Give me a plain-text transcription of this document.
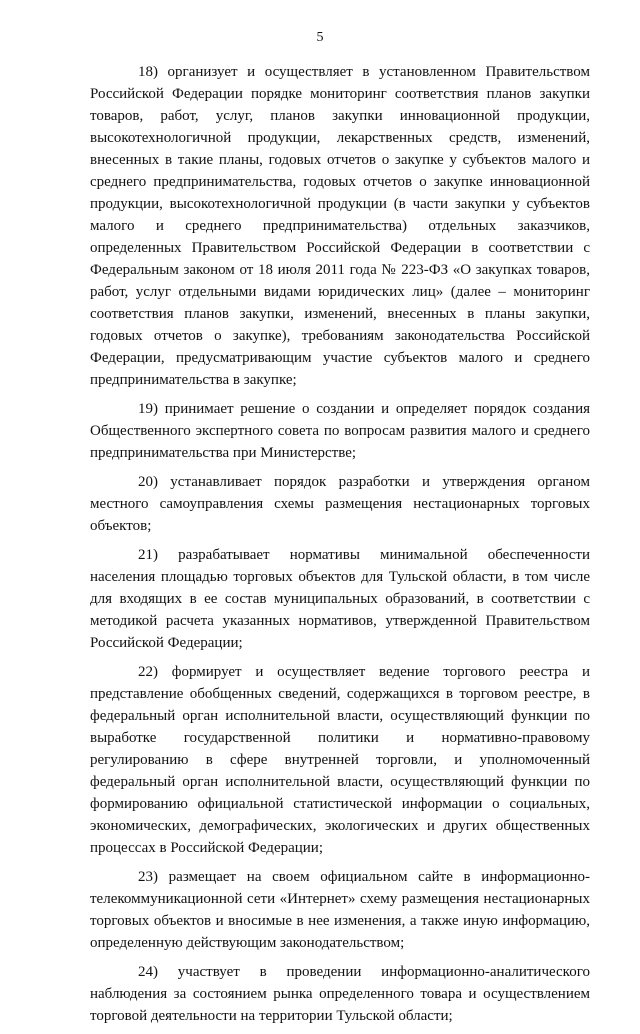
5

18) организует и осуществляет в установленном Правительством Российской Федерации порядке мониторинг соответствия планов закупки товаров, работ, услуг, планов закупки инновационной продукции, высокотехнологичной продукции, лекарственных средств, изменений, внесенных в такие планы, годовых отчетов о закупке у субъектов малого и среднего предпринимательства, годовых отчетов о закупке инновационной продукции, высокотехнологичной продукции (в части закупки у субъектов малого и среднего предпринимательства) отдельных заказчиков, определенных Правительством Российской Федерации в соответствии с Федеральным законом от 18 июля 2011 года № 223-ФЗ «О закупках товаров, работ, услуг отдельными видами юридических лиц» (далее – мониторинг соответствия планов закупки, изменений, внесенных в планы закупки, годовых отчетов о закупке), требованиям законодательства Российской Федерации, предусматривающим участие субъектов малого и среднего предпринимательства в закупке;

19) принимает решение о создании и определяет порядок создания Общественного экспертного совета по вопросам развития малого и среднего предпринимательства при Министерстве;

20) устанавливает порядок разработки и утверждения органом местного самоуправления схемы размещения нестационарных торговых объектов;

21) разрабатывает нормативы минимальной обеспеченности населения площадью торговых объектов для Тульской области, в том числе для входящих в ее состав муниципальных образований, в соответствии с методикой расчета указанных нормативов, утвержденной Правительством Российской Федерации;

22) формирует и осуществляет ведение торгового реестра и представление обобщенных сведений, содержащихся в торговом реестре, в федеральный орган исполнительной власти, осуществляющий функции по выработке государственной политики и нормативно-правовому регулированию в сфере внутренней торговли, и уполномоченный федеральный орган исполнительной власти, осуществляющий функции по формированию официальной статистической информации о социальных, экономических, демографических, экологических и других общественных процессах в Российской Федерации;

23) размещает на своем официальном сайте в информационно-телекоммуникационной сети «Интернет» схему размещения нестационарных торговых объектов и вносимые в нее изменения, а также иную информацию, определенную действующим законодательством;

24) участвует в проведении информационно-аналитического наблюдения за состоянием рынка определенного товара и осуществлением торговой деятельности на территории Тульской области;
